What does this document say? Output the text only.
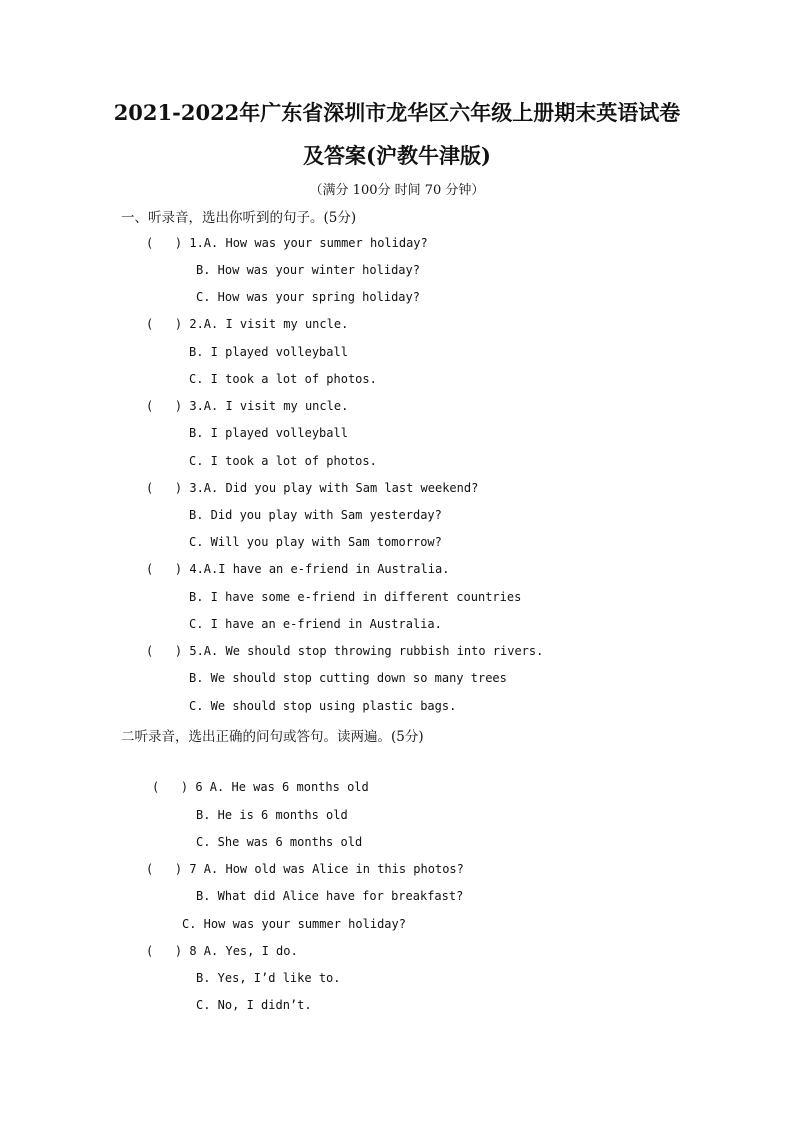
2021-2022年广东省深圳市龙华区六年级上册期末英语试卷
及答案(沪教牛津版)
（满分 100分 时间 70 分钟）
一、听录音，选出你听到的句子。(5分)
(   ) 1.A. How was your summer holiday?
B. How was your winter holiday?
C. How was your spring holiday?
(   ) 2.A. I visit my uncle.
B. I played volleyball
C. I took a lot of photos.
(   ) 3.A. I visit my uncle.
B. I played volleyball
C. I took a lot of photos.
(   ) 3.A. Did you play with Sam last weekend?
B. Did you play with Sam yesterday?
C. Will you play with Sam tomorrow?
(   ) 4.A.I have an e-friend in Australia.
B. I have some e-friend in different countries
C. I have an e-friend in Australia.
(   ) 5.A. We should stop throwing rubbish into rivers.
B. We should stop cutting down so many trees
C. We should stop using plastic bags.
二听录音，选出正确的问句或答句。读两遍。(5分)
(   ) 6 A. He was 6 months old
B. He is 6 months old
C. She was 6 months old
(   ) 7 A. How old was Alice in this photos?
B. What did Alice have for breakfast?
C. How was your summer holiday?
(   ) 8 A. Yes, I do.
B. Yes, I’d like to.
C. No, I didn’t.
